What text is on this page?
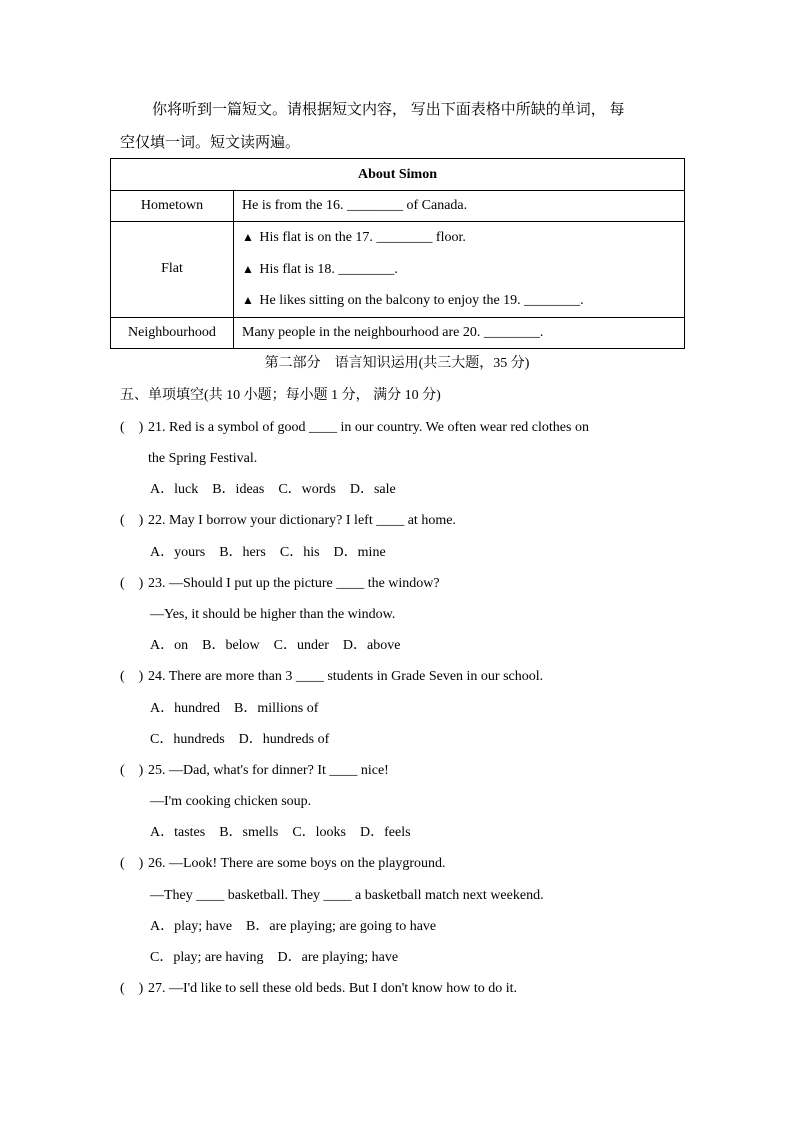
你将听到一篇短文。请根据短文内容， 写出下面表格中所缺的单词， 每
空仅填一词。短文读两遍。
About Simon	
Hometown	He is from the 16. ________ of Canada.
Flat	▲ His flat is on the 17. ________ floor.
▲ His flat is 18. ________.
▲ He likes sitting on the balcony to enjoy the 19. ________.

Neighbourhood	Many people in the neighbourhood are 20. ________.
第二部分　语言知识运用(共三大题，35 分)
五、单项填空(共 10 小题；每小题 1 分， 满分 10 分)
(　) 21. Red is a symbol of good ____ in our country. We often wear red clothes on
the Spring Festival.
A．luck　B．ideas　C．words　D．sale
(　) 22. May I borrow your dictionary? I left ____ at home.
A．yours　B．hers　C．his　D．mine
(　) 23. —Should I put up the picture ____ the window?
—Yes, it should be higher than the window.
A．on　B．below　C．under　D．above
(　) 24. There are more than 3 ____ students in Grade Seven in our school.
A．hundred　B．millions of
C．hundreds　D．hundreds of
(　) 25. —Dad, what's for dinner? It ____ nice!
—I'm cooking chicken soup.
A．tastes　B．smells　C．looks　D．feels
(　) 26. —Look! There are some boys on the playground.
—They ____ basketball. They ____ a basketball match next weekend.
A．play; have　B．are playing; are going to have
C．play; are having　D．are playing; have
(　) 27. —I'd like to sell these old beds. But I don't know how to do it.
